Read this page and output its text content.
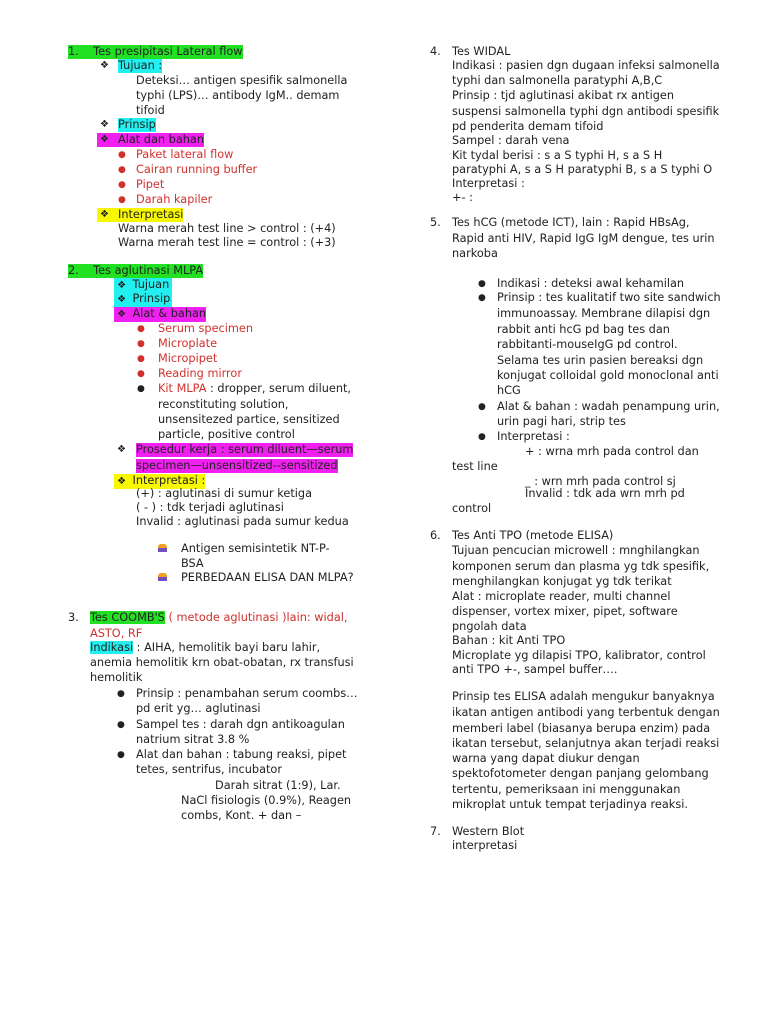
1. Tes presipitasi Lateral flow
❖ Tujuan :
Deteksi… antigen spesifik salmonella
typhi (LPS)… antibody IgM.. demam
tifoid
❖ Prinsip
❖ Alat dan bahan
● Paket lateral flow
● Cairan running buffer
● Pipet
● Darah kapiler
❖ Interpretasi
Warna merah test line > control : (+4)
Warna merah test line = control : (+3)
2. Tes aglutinasi MLPA
❖  Tujuan
❖  Prinsip
❖  Alat & bahan
● Serum specimen
● Microplate
● Micropipet
● Reading mirror
● Kit MLPA : dropper, serum diluent,
reconstituting solution,
unsensitezed partice, sensitized
particle, positive control
❖ Prosedur kerja : serum diluent—serum
specimen—unsensitized--sensitized
❖  Interpretasi :
(+) : aglutinasi di sumur ketiga
( - ) : tdk terjadi aglutinasi
Invalid : aglutinasi pada sumur kedua
Antigen semisintetik NT-P-
BSA
PERBEDAAN ELISA DAN MLPA?
3. Tes COOMB'S ( metode aglutinasi )lain: widal,
ASTO, RF
Indikasi : AIHA, hemolitik bayi baru lahir,
anemia hemolitik krn obat-obatan, rx transfusi
hemolitik
● Prinsip : penambahan serum coombs…
pd erit yg… aglutinasi
● Sampel tes : darah dgn antikoagulan
natrium sitrat 3.8 %
● Alat dan bahan : tabung reaksi, pipet
tetes, sentrifus, incubator
Darah sitrat (1:9), Lar.
NaCl fisiologis (0.9%), Reagen
combs, Kont. + dan –
4. Tes WIDAL
Indikasi : pasien dgn dugaan infeksi salmonella
typhi dan salmonella paratyphi A,B,C
Prinsip : tjd aglutinasi akibat rx antigen
suspensi salmonella typhi dgn antibodi spesifik
pd penderita demam tifoid
Sampel : darah vena
Kit tydal berisi : s a S typhi H, s a S H
paratyphi A, s a S H paratyphi B, s a S typhi O
Interpretasi :
+- :
5. Tes hCG (metode ICT), lain : Rapid HBsAg,
Rapid anti HIV, Rapid IgG IgM dengue, tes urin
narkoba
● Indikasi : deteksi awal kehamilan
● Prinsip : tes kualitatif two site sandwich
immunoassay. Membrane dilapisi dgn
rabbit anti hcG pd bag tes dan
rabbitanti-mouseIgG pd control.
Selama tes urin pasien bereaksi dgn
konjugat colloidal gold monoclonal anti
hCG
● Alat & bahan : wadah penampung urin,
urin pagi hari, strip tes
● Interpretasi :
+ : wrna mrh pada control dan
test line
_ : wrn mrh pada control sj
Invalid : tdk ada wrn mrh pd
control
6. Tes Anti TPO (metode ELISA)
Tujuan pencucian microwell : mnghilangkan
komponen serum dan plasma yg tdk spesifik,
menghilangkan konjugat yg tdk terikat
Alat : microplate reader, multi channel
dispenser, vortex mixer, pipet, software
pngolah data
Bahan : kit Anti TPO
Microplate yg dilapisi TPO, kalibrator, control
anti TPO +-, sampel buffer….
Prinsip tes ELISA adalah mengukur banyaknya
ikatan antigen antibodi yang terbentuk dengan
memberi label (biasanya berupa enzim) pada
ikatan tersebut, selanjutnya akan terjadi reaksi
warna yang dapat diukur dengan
spektofotometer dengan panjang gelombang
tertentu, pemeriksaan ini menggunakan
mikroplat untuk tempat terjadinya reaksi.
7. Western Blot
interpretasi
